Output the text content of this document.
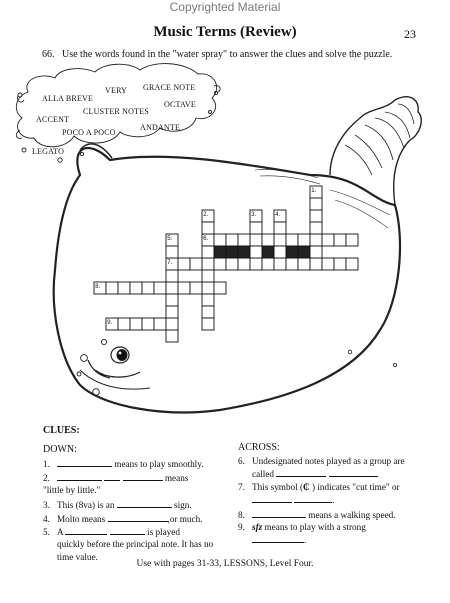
Copyrighted Material
Music Terms (Review)	23
66. Use the words found in the "water spray" to answer the clues and solve the puzzle.
1.
2.	3.	4.
5.	6.
7.
8.
9.
ALLA BREVE
VERY GRACE NOTE
CLUSTER NOTES
OCTAVE
ACCENT
POCO A POCO
ANDANTE
LEGATO
CLUES:
DOWN:	ACROSS:
1.	means to play smoothly.
2.	means
"little by little."
3. This (8va) is an	sign.
4. Molto means	,or much.
5. A	is played
quickly before the principal note. It has no
time value.
6. Undesignated notes played as a group are
called	.
7. This symbol (₵ ) indicates "cut time" or
.
8.	means a walking speed.
9. sfz means to play with a strong
.
Use with pages 31-33, LESSONS, Level Four.
